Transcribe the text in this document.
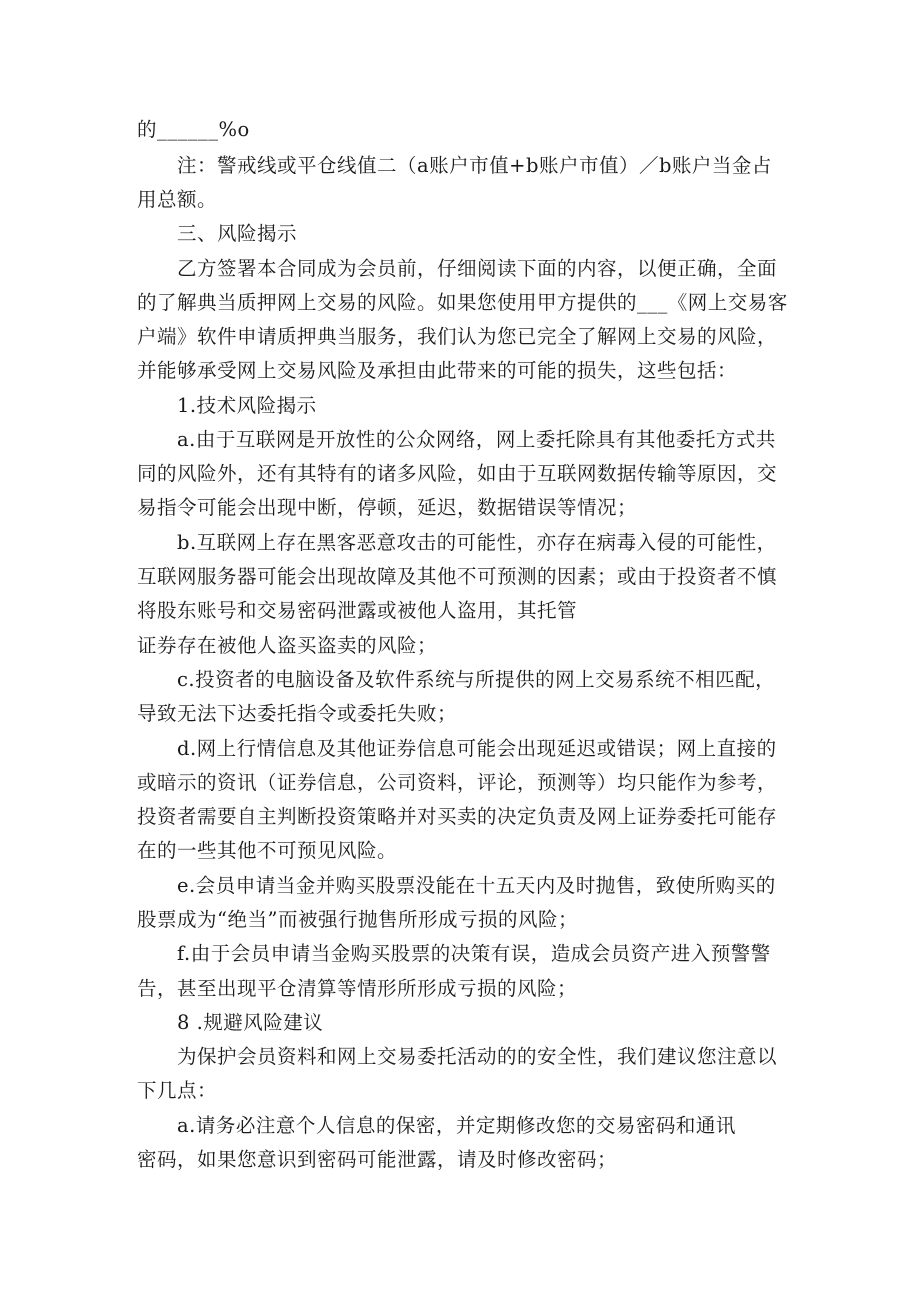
的______%o
注：警戒线或平仓线值二（a账户市值+b账户市值）／b账户当金占
用总额。
三、风险揭示
乙方签署本合同成为会员前，仔细阅读下面的内容，以便正确，全面
的了解典当质押网上交易的风险。如果您使用甲方提供的___《网上交易客
户端》软件申请质押典当服务，我们认为您已完全了解网上交易的风险，
并能够承受网上交易风险及承担由此带来的可能的损失，这些包括：
1.技术风险揭示
a.由于互联网是开放性的公众网络，网上委托除具有其他委托方式共
同的风险外，还有其特有的诸多风险，如由于互联网数据传输等原因，交
易指令可能会出现中断，停顿，延迟，数据错误等情况；
b.互联网上存在黑客恶意攻击的可能性，亦存在病毒入侵的可能性，
互联网服务器可能会出现故障及其他不可预测的因素；或由于投资者不慎
将股东账号和交易密码泄露或被他人盗用，其托管
证券存在被他人盗买盗卖的风险；
c.投资者的电脑设备及软件系统与所提供的网上交易系统不相匹配，
导致无法下达委托指令或委托失败；
d.网上行情信息及其他证券信息可能会出现延迟或错误；网上直接的
或暗示的资讯（证券信息，公司资料，评论，预测等）均只能作为参考，
投资者需要自主判断投资策略并对买卖的决定负责及网上证券委托可能存
在的一些其他不可预见风险。
e.会员申请当金并购买股票没能在十五天内及时抛售，致使所购买的
股票成为“绝当”而被强行抛售所形成亏损的风险；
f.由于会员申请当金购买股票的决策有误，造成会员资产进入预警警
告，甚至出现平仓清算等情形所形成亏损的风险；
8 .规避风险建议
为保护会员资料和网上交易委托活动的的安全性，我们建议您注意以
下几点：
a.请务必注意个人信息的保密，并定期修改您的交易密码和通讯
密码，如果您意识到密码可能泄露，请及时修改密码；
